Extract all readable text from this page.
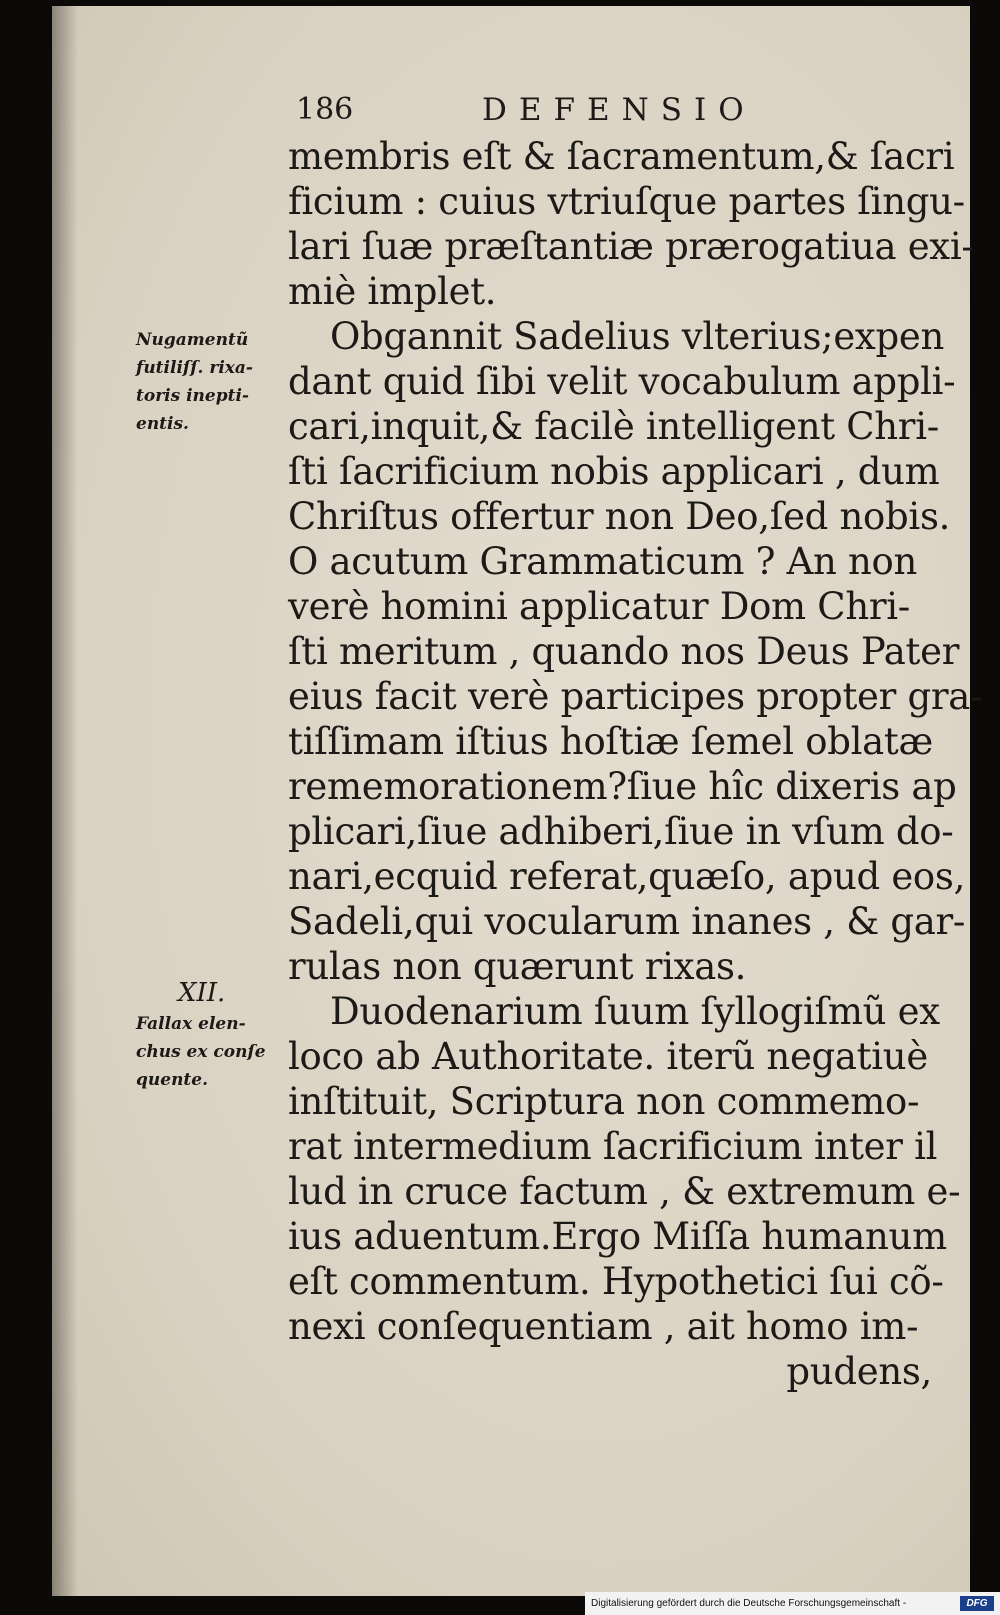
186	DEFENSIO
membris eſt & ſacramentum,& ſacri
ficium : cuius vtriuſque partes ſingu-
lari ſuæ præſtantiæ prærogatiua exi-
miè implet.
Obgannit Sadelius vlterius;expen
dant quid ſibi velit vocabulum appli-
cari,inquit,& facilè intelligent Chri-
ſti ſacrificium nobis applicari , dum
Chriſtus offertur non Deo,ſed nobis.
O acutum Grammaticum ? An non
verè homini applicatur Dom Chri-
ſti meritum , quando nos Deus Pater
eius facit verè participes propter gra-
tiſſimam iſtius hoſtiæ ſemel oblatæ
rememorationem?ſiue hîc dixeris ap
plicari,ſiue adhiberi,ſiue in vſum do-
nari,ecquid referat,quæſo, apud eos,
Sadeli,qui vocularum inanes , & gar-
rulas non quærunt rixas.
Duodenarium ſuum ſyllogiſmũ ex
loco ab Authoritate. iterũ negatiuè
inſtituit, Scriptura non commemo-
rat intermedium ſacrificium inter il
lud in cruce factum , & extremum e-
ius aduentum.Ergo Miſſa humanum
eſt commentum. Hypothetici ſui cõ-
nexi conſequentiam , ait homo im-
pudens,
Nugamentũ
futiliſſ. rixa-
toris inepti-
entis.
XII.
Fallax elen-
chus ex conſe
quente.
Digitalisierung gefördert durch die Deutsche Forschungsgemeinschaft -	DFG
